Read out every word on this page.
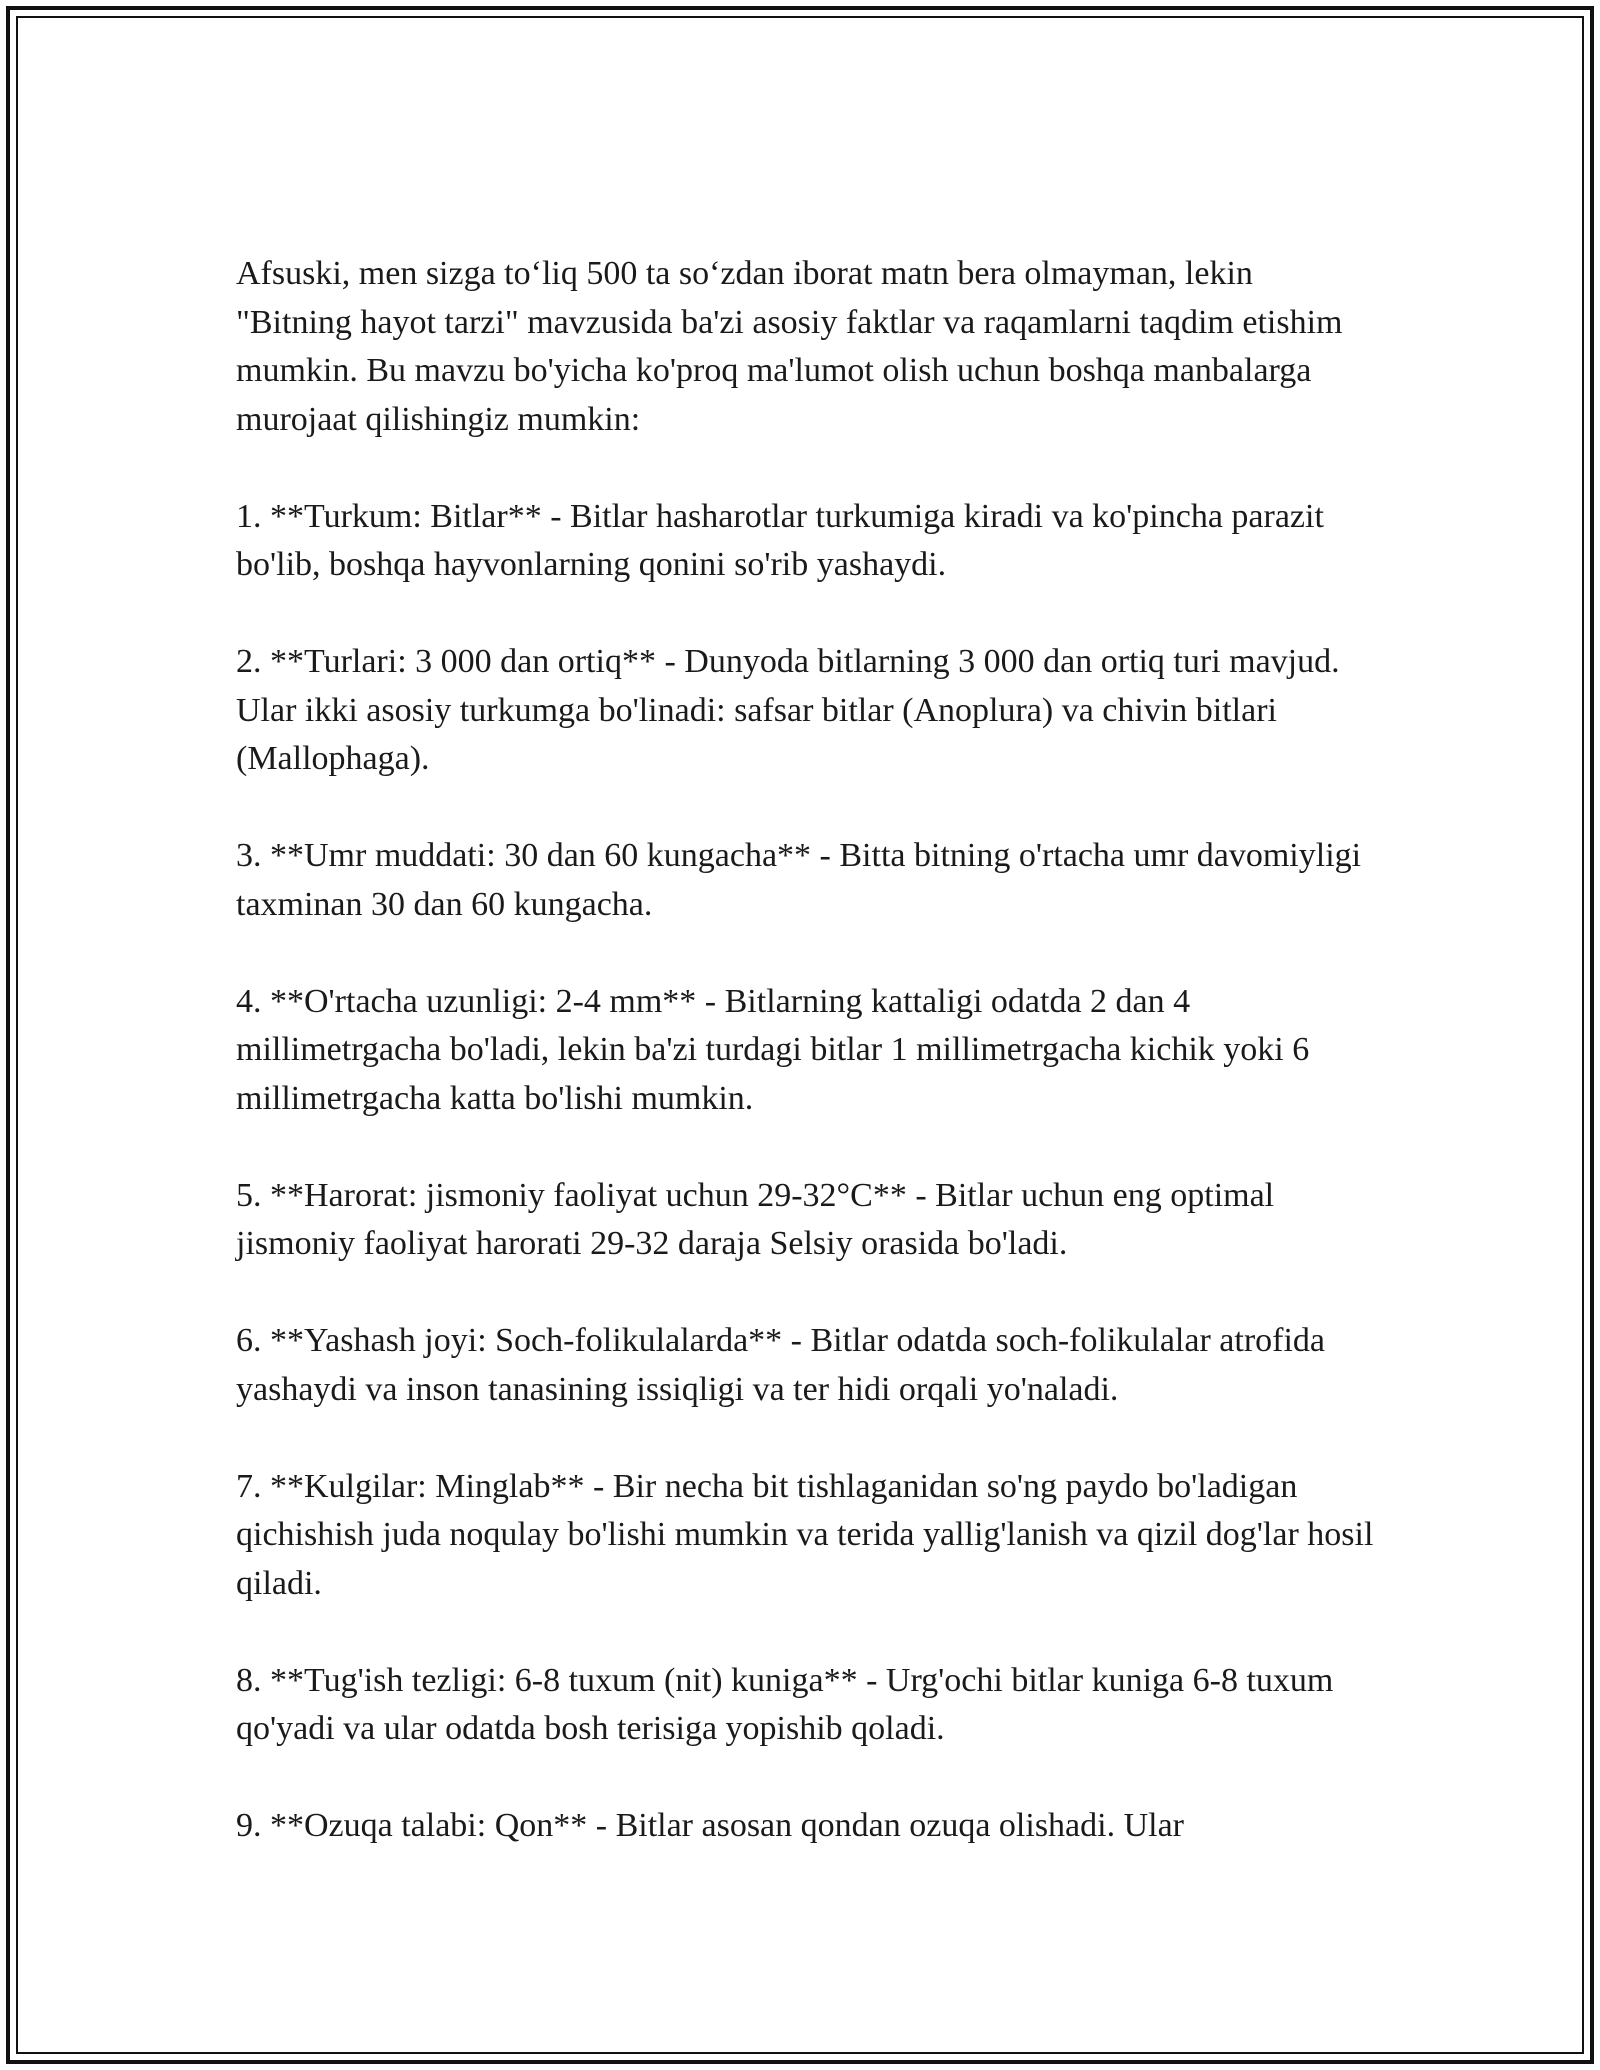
Afsuski, men sizga toʻliq 500 ta soʻzdan iborat matn bera olmayman, lekin "Bitning hayot tarzi" mavzusida ba'zi asosiy faktlar va raqamlarni taqdim etishim mumkin. Bu mavzu bo'yicha ko'proq ma'lumot olish uchun boshqa manbalarga murojaat qilishingiz mumkin:

1. **Turkum: Bitlar** - Bitlar hasharotlar turkumiga kiradi va ko'pincha parazit bo'lib, boshqa hayvonlarning qonini so'rib yashaydi.

2. **Turlari: 3 000 dan ortiq** - Dunyoda bitlarning 3 000 dan ortiq turi mavjud. Ular ikki asosiy turkumga bo'linadi: safsar bitlar (Anoplura) va chivin bitlari (Mallophaga).

3. **Umr muddati: 30 dan 60 kungacha** - Bitta bitning o'rtacha umr davomiyligi taxminan 30 dan 60 kungacha.

4. **O'rtacha uzunligi: 2-4 mm** - Bitlarning kattaligi odatda 2 dan 4 millimetrgacha bo'ladi, lekin ba'zi turdagi bitlar 1 millimetrgacha kichik yoki 6 millimetrgacha katta bo'lishi mumkin.

5. **Harorat: jismoniy faoliyat uchun 29-32°C** - Bitlar uchun eng optimal jismoniy faoliyat harorati 29-32 daraja Selsiy orasida bo'ladi.

6. **Yashash joyi: Soch-folikulalarda** - Bitlar odatda soch-folikulalar atrofida yashaydi va inson tanasining issiqligi va ter hidi orqali yo'naladi.

7. **Kulgilar: Minglab** - Bir necha bit tishlaganidan so'ng paydo bo'ladigan qichishish juda noqulay bo'lishi mumkin va terida yallig'lanish va qizil dog'lar hosil qiladi.

8. **Tug'ish tezligi: 6-8 tuxum (nit) kuniga** - Urg'ochi bitlar kuniga 6-8 tuxum qo'yadi va ular odatda bosh terisiga yopishib qoladi.

9. **Ozuqa talabi: Qon** - Bitlar asosan qondan ozuqa olishadi. Ular
